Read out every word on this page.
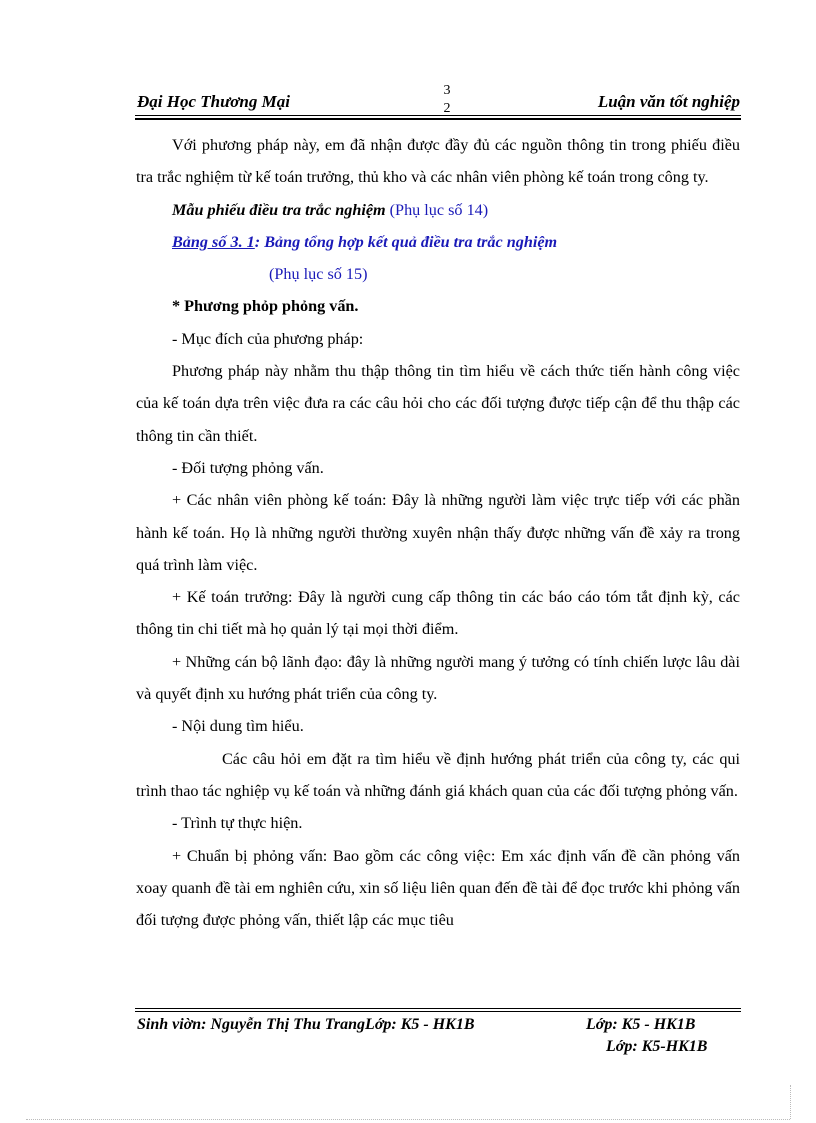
Đại Học Thương Mại
3
2	Luận văn tốt nghiệp

Với phương pháp này, em đã nhận được đầy đủ các nguồn thông tin trong phiếu điều tra trắc nghiệm từ kế toán trưởng, thủ kho và các nhân viên phòng kế toán trong công ty.

Mẫu phiếu điều tra trắc nghiệm (Phụ lục số 14)

Bảng số 3. 1: Bảng tổng hợp kết quả điều tra trắc nghiệm

(Phụ lục số 15)

* Phương phỏp phỏng vấn.

- Mục đích của phương pháp:

Phương pháp này nhằm thu thập thông tin tìm hiểu về cách thức tiến hành công việc của kế toán dựa trên việc đưa ra các câu hỏi cho các đối tượng được tiếp cận để thu thập các thông tin cần thiết.

- Đối tượng phỏng vấn.

+ Các nhân viên phòng kế toán: Đây là những người làm việc trực tiếp với các phần hành kế toán. Họ là những người thường xuyên nhận thấy được những vấn đề xảy ra trong quá trình làm việc.

+ Kế toán trưởng: Đây là người cung cấp thông tin các báo cáo tóm tắt định kỳ, các thông tin chi tiết mà họ quản lý tại mọi thời điểm.

+ Những cán bộ lãnh đạo: đây là những người mang ý tưởng có tính chiến lược lâu dài và quyết định xu hướng phát triển của công ty.

- Nội dung tìm hiểu.

Các câu hỏi em đặt ra tìm hiểu về định hướng phát triển của công ty, các qui trình thao tác nghiệp vụ kế toán và những đánh giá khách quan của các đối tượng phỏng vấn.

- Trình tự thực hiện.

+ Chuẩn bị phỏng vấn: Bao gồm các công việc: Em xác định vấn đề cần phỏng vấn xoay quanh đề tài em nghiên cứu, xin số liệu liên quan đến đề tài để đọc trước khi phỏng vấn đối tượng được phỏng vấn, thiết lập các mục tiêu

Sinh viờn: Nguyễn Thị Thu TrangLớp: K5 - HK1B	Lớp: K5 - HK1B
Lớp: K5-HK1B
